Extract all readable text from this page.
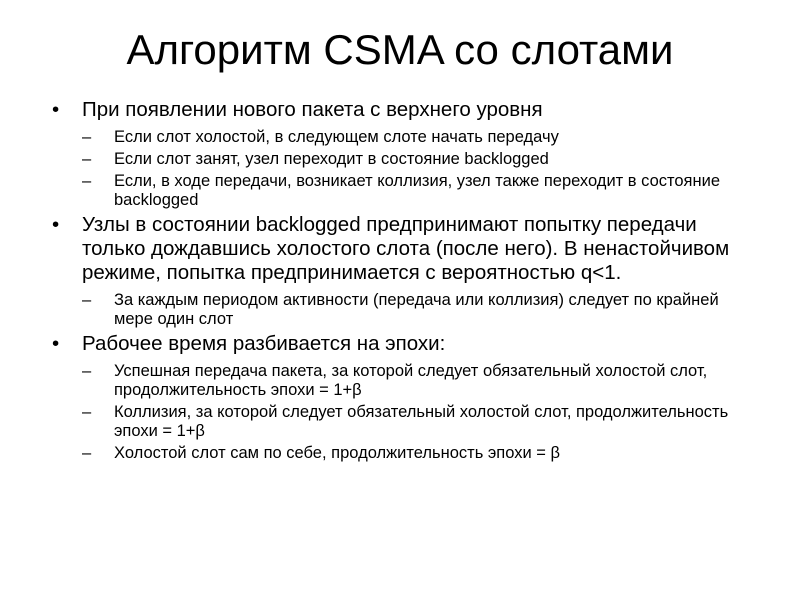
Алгоритм CSMA со слотами
•	При появлении нового пакета с верхнего уровня
–	Если слот холостой, в следующем слоте начать передачу
–	Если слот занят, узел переходит в состояние backlogged
–	Если, в ходе передачи, возникает коллизия, узел также переходит в состояние backlogged
•	Узлы в состоянии backlogged предпринимают попытку передачи только дождавшись холостого слота (после него). В ненастойчивом режиме, попытка предпринимается с вероятностью q<1.
–	За каждым периодом активности (передача или коллизия) следует по крайней мере один слот
•	Рабочее время разбивается на эпохи:
–	Успешная передача пакета, за которой следует обязательный холостой слот, продолжительность эпохи = 1+β
–	Коллизия, за которой следует обязательный холостой слот, продолжительность эпохи = 1+β
–	Холостой слот сам по себе, продолжительность эпохи = β
